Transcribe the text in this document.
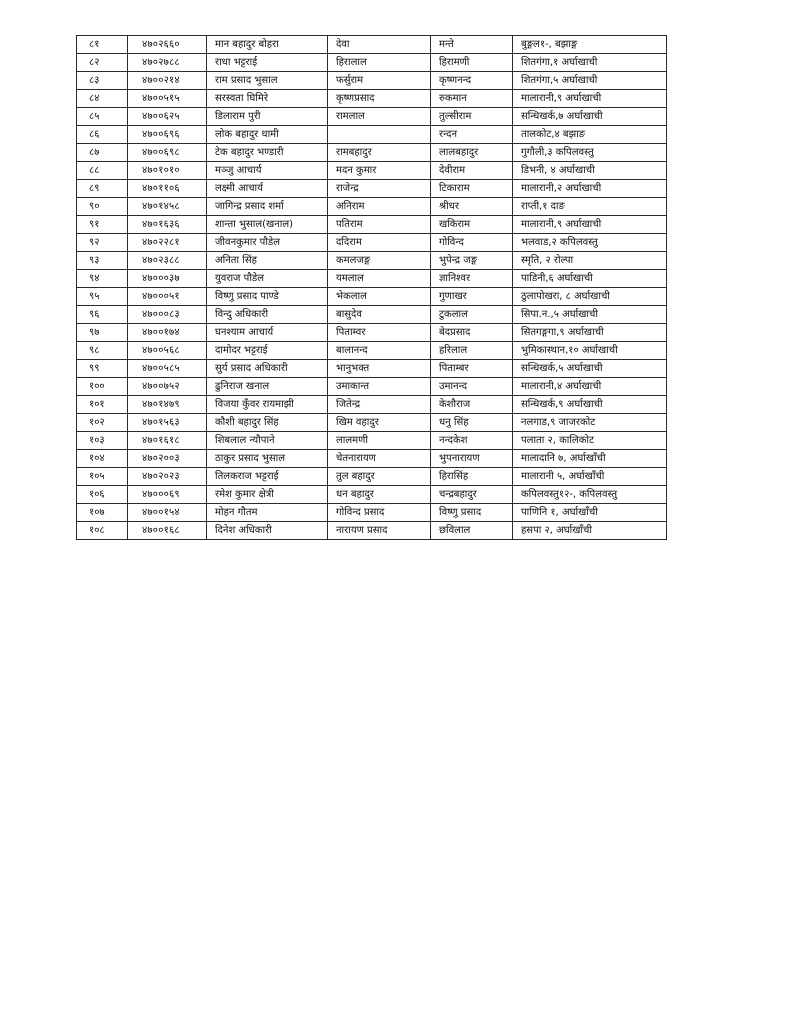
८१	४७०२६६०	मान बहादुर बोहरा	देवा	मन्ते	बुङ्गल१-, बझाङ्ग
८२	४७०२७८८	राधा भट्टराई	हिरालाल	हिरामणी	शितगंगा,१ अर्घाखाची
८३	४७००२१४	राम प्रसाद भुसाल	फर्सुराम	कृष्णनन्द	शितगंगा,५ अर्घाखाची
८४	४७००५१५	सरस्वता घिमिरे	कृष्णप्रसाद	रुकमान	मालारानी,९ अर्घाखाची
८५	४७००६२५	डिलाराम पुरी	रामलाल	तुल्सीराम	सन्धिखर्क,७ अर्घाखाची
८६	४७००६९६	लोक बहादुर धामी		रन्दन	तालकोट,४ बझाङ
८७	४७००६९८	टेक बहादुर भण्डारी	रामबहादुर	लालबहादुर	गुगौली,३ कपिलवस्तु
८८	४७०१०१०	मञ्जु आचार्य	मदन कुमार	देवीराम	डिभनी, ४ अर्घाखाची
८९	४७०११०६	लक्ष्मी आचार्य	राजेन्द्र	टिकाराम	मालारानी,२ अर्घाखाची
९०	४७०१४५८	जागिन्द्र प्रसाद शर्मा	अनिराम	श्रीधर	राप्ती,१ दाङ
९१	४७०१६३६	शान्ता भुसाल(खनाल)	पतिराम	खकिराम	मालारानी,९ अर्घाखाची
९२	४७०२२८१	जीवनकुमार पौडेल	ददिराम	गोविन्द	भलवाड,२ कपिलवस्तु
९३	४७०२३८८	अनिता सिंह	कमलजङ्ग	भुपेन्द्र जङ्ग	स्मृति, २ रोल्पा
९४	४७०००३७	युवराज पौडेल	यमलाल	ज्ञानिश्वर	पाडिनी,६ अर्घाखाची
९५	४७०००५१	विष्णु प्रसाद पाण्डे	भेकलाल	गुणाखर	ठुलापोखरा, ८ अर्घाखाची
९६	४७०००८३	विन्दु अधिकारी	बासुदेव	टुकलाल	सिपा.न.,५ अर्घाखाची
९७	४७००१७४	घनश्याम आचार्य	पिताम्वर	बेदप्रसाद	सितगङ्गगा,९ अर्घाखाची
९८	४७००५६८	दामोदर भट्टराई	बालानन्द	हरिलाल	भुमिकास्थान,१० अर्घाखाची
९९	४७००५८५	सुर्य प्रसाद अधिकारी	भानुभक्त	पिताम्बर	सन्धिखर्क,५ अर्घाखाची
१००	४७००७५२	ढुनिराज खनाल	उमाकान्त	उमानन्द	मालारानी,४ अर्घाखाची
१०१	४७०१४७९	विजया कुँवर रायमाझी	जितेन्द्र	केशौराज	सन्धिखर्क,९ अर्घाखाची
१०२	४७०१५६३	कौशी बहादुर सिंह	खिम वहादुर	धनु सिंह	नलगाड,९ जाजरकोट
१०३	४७०१६१८	शिबलाल न्यौपाने	लालमणी	नन्दकेश	पलाता २, कालिकोट
१०४	४७०२००३	ठाकुर प्रसाद भुसाल	चेतनारायण	भुपनारायण	मालादानि ७, अर्घाखाँची
१०५	४७०२०२३	तिलकराज भट्टराई	तुल बहादुर	हिरासिंह	मालारानी ५, अर्घाखाँची
१०६	४७०००६९	रमेश कुमार क्षेत्री	धन बहादुर	चन्द्रबहादुर	कपिलवस्तु१२-, कपिलवस्तु
१०७	४७००१५४	मोहन गौतम	गोविन्द प्रसाद	विष्णु प्रसाद	पाणिनि १, अर्घाखाँची
१०८	४७००१६८	दिनेश अधिकारी	नारायण प्रसाद	छविलाल	हसपा २, अर्घाखाँची
